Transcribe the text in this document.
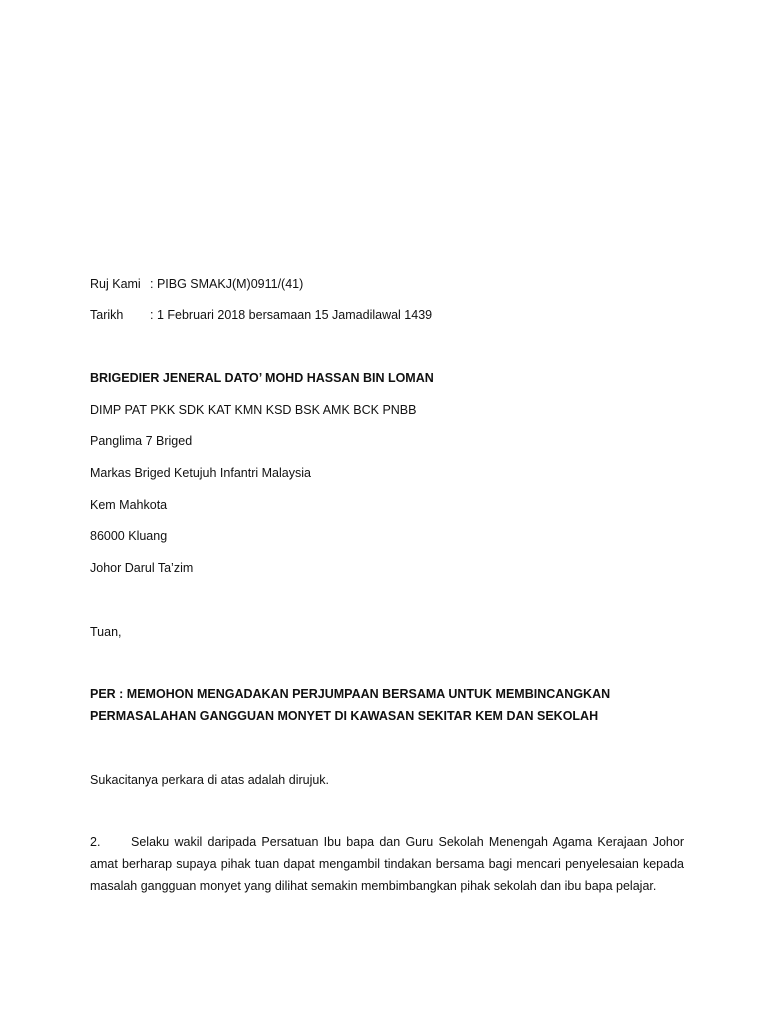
Ruj Kami : PIBG SMAKJ(M)0911/(41)
Tarikh	: 1 Februari 2018 bersamaan 15 Jamadilawal 1439
BRIGEDIER JENERAL DATO’ MOHD HASSAN BIN LOMAN
DIMP PAT PKK SDK KAT KMN KSD BSK AMK BCK PNBB
Panglima 7 Briged
Markas Briged Ketujuh Infantri Malaysia
Kem Mahkota
86000 Kluang
Johor Darul Ta’zim
Tuan,
PER : MEMOHON MENGADAKAN PERJUMPAAN BERSAMA UNTUK MEMBINCANGKAN
PERMASALAHAN GANGGUAN MONYET DI KAWASAN SEKITAR KEM DAN SEKOLAH
Sukacitanya perkara di atas adalah dirujuk.
2. Selaku wakil daripada Persatuan Ibu bapa dan Guru Sekolah Menengah Agama Kerajaan Johor amat berharap supaya pihak tuan dapat mengambil tindakan bersama bagi mencari penyelesaian kepada masalah gangguan monyet yang dilihat semakin membimbangkan pihak sekolah dan ibu bapa pelajar.
